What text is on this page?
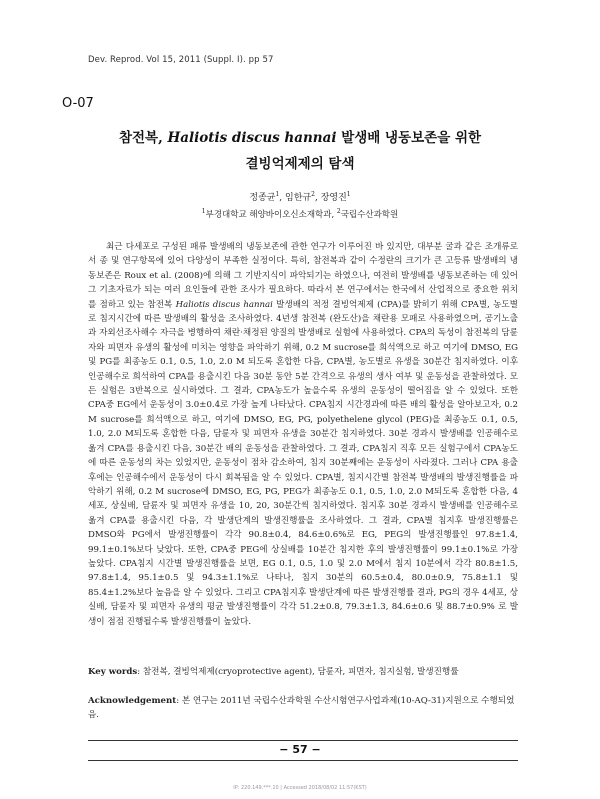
Dev. Reprod. Vol 15, 2011 (Suppl. I). pp 57
O-07
참전복, Haliotis discus hannai 발생배 냉동보존을 위한
결빙억제제의 탐색
정종균$^1$, 임한규$^2$, 장영진$^1$
$^1$부경대학교 해양바이오신소재학과, $^2$국립수산과학원

최근 다세포로 구성된 패류 발생배의 냉동보존에 관한 연구가 이루어진 바 있지만, 대부분 굴과 같은 조개류로서 종 및 연구항목에 있어 다양성이 부족한 실정이다. 특히, 참전복과 같이 수정란의 크기가 큰 고등류 발생배의 냉동보존은 Roux et al. (2008)에 의해 그 기반지식이 파악되기는 하였으나, 여전히 발생배를 냉동보존하는 데 있어 그 기초자료가 되는 여러 요인들에 관한 조사가 필요하다. 따라서 본 연구에서는 한국에서 산업적으로 중요한 위치를 점하고 있는 참전복 Haliotis discus hannai 발생배의 적정 결빙억제제 (CPA)를 밝히기 위해 CPA별, 농도별로 침지시간에 따른 발생배의 활성을 조사하였다. 4년생 참전복 (완도산)을 채란용 모패로 사용하였으며, 공기노출과 자외선조사해수 자극을 병행하여 채란·채정된 양질의 발생배로 실험에 사용하였다. CPA의 독성이 참전복의 담륜자와 피면자 유생의 활성에 미치는 영향을 파악하기 위해, 0.2 M sucrose를 희석액으로 하고 여기에 DMSO, EG 및 PG를 최종농도 0.1, 0.5, 1.0, 2.0 M 되도록 혼합한 다음, CPA별, 농도별로 유생을 30분간 침지하였다. 이후 인공해수로 희석하여 CPA를 용출시킨 다음 30분 동안 5분 간격으로 유생의 생사 여부 및 운동성을 관찰하였다. 모든 실험은 3반복으로 실시하였다. 그 결과, CPA농도가 높을수록 유생의 운동성이 떨어짐을 알 수 있었다. 또한 CPA중 EG에서 운동성이 3.0±0.4로 가장 높게 나타났다. CPA침지 시간경과에 따른 배의 활성을 알아보고자, 0.2 M sucrose를 희석액으로 하고, 여기에 DMSO, EG, PG, polyethelene glycol (PEG)을 최종농도 0.1, 0.5, 1.0, 2.0 M되도록 혼합한 다음, 담륜자 및 피면자 유생을 30분간 침지하였다. 30분 경과시 발생배를 인공해수로 옮겨 CPA를 용출시킨 다음, 30분간 배의 운동성을 관찰하였다. 그 결과, CPA침지 직후 모든 실험구에서 CPA농도에 따른 운동성의 차는 있었지만, 운동성이 점차 감소하여, 침지 30분째에는 운동성이 사라졌다. 그러나 CPA 용출후에는 인공해수에서 운동성이 다시 회복됨을 알 수 있었다. CPA별, 침지시간별 참전복 발생배의 발생진행률을 파악하기 위해, 0.2 M sucrose에 DMSO, EG, PG, PEG가 최종농도 0.1, 0.5, 1.0, 2.0 M되도록 혼합한 다음, 4세포, 상실배, 담륜자 및 피면자 유생을 10, 20, 30분간씩 침지하였다. 침지후 30분 경과시 발생배를 인공해수로 옮겨 CPA를 용출시킨 다음, 각 발생단계의 발생진행률을 조사하였다. 그 결과, CPA별 침지후 발생진행률은 DMSO와 PG에서 발생진행률이 각각 90.8±0.4, 84.6±0.6%로 EG, PEG의 발생진행률인 97.8±1.4, 99.1±0.1%보다 낮았다. 또한, CPA중 PEG에 상실배를 10분간 침지한 후의 발생진행률이 99.1±0.1%로 가장 높았다. CPA침지 시간별 발생진행률을 보면, EG 0.1, 0.5, 1.0 및 2.0 M에서 침지 10분에서 각각 80.8±1.5, 97.8±1.4, 95.1±0.5 및 94.3±1.1%로 나타나, 침지 30분의 60.5±0.4, 80.0±0.9, 75.8±1.1 및 85.4±1.2%보다 높음을 알 수 있었다. 그리고 CPA침지후 발생단계에 따른 발생진행률 결과, PG의 경우 4세포, 상실배, 담륜자 및 피면자 유생의 평균 발생진행률이 각각 51.2±0.8, 79.3±1.3, 84.6±0.6 및 88.7±0.9% 로 발생이 점점 진행될수록 발생진행률이 높았다.

Key words: 참전복, 결빙억제제(cryoprotective agent), 담륜자, 피면자, 침지실험, 발생진행률
Acknowledgement: 본 연구는 2011년 국립수산과학원 수산시험연구사업과제(10-AQ-31)지원으로 수행되었음.
− 57 −
IP: 220.149.***.10 | Accessed 2018/08/02 11:57(KST)
